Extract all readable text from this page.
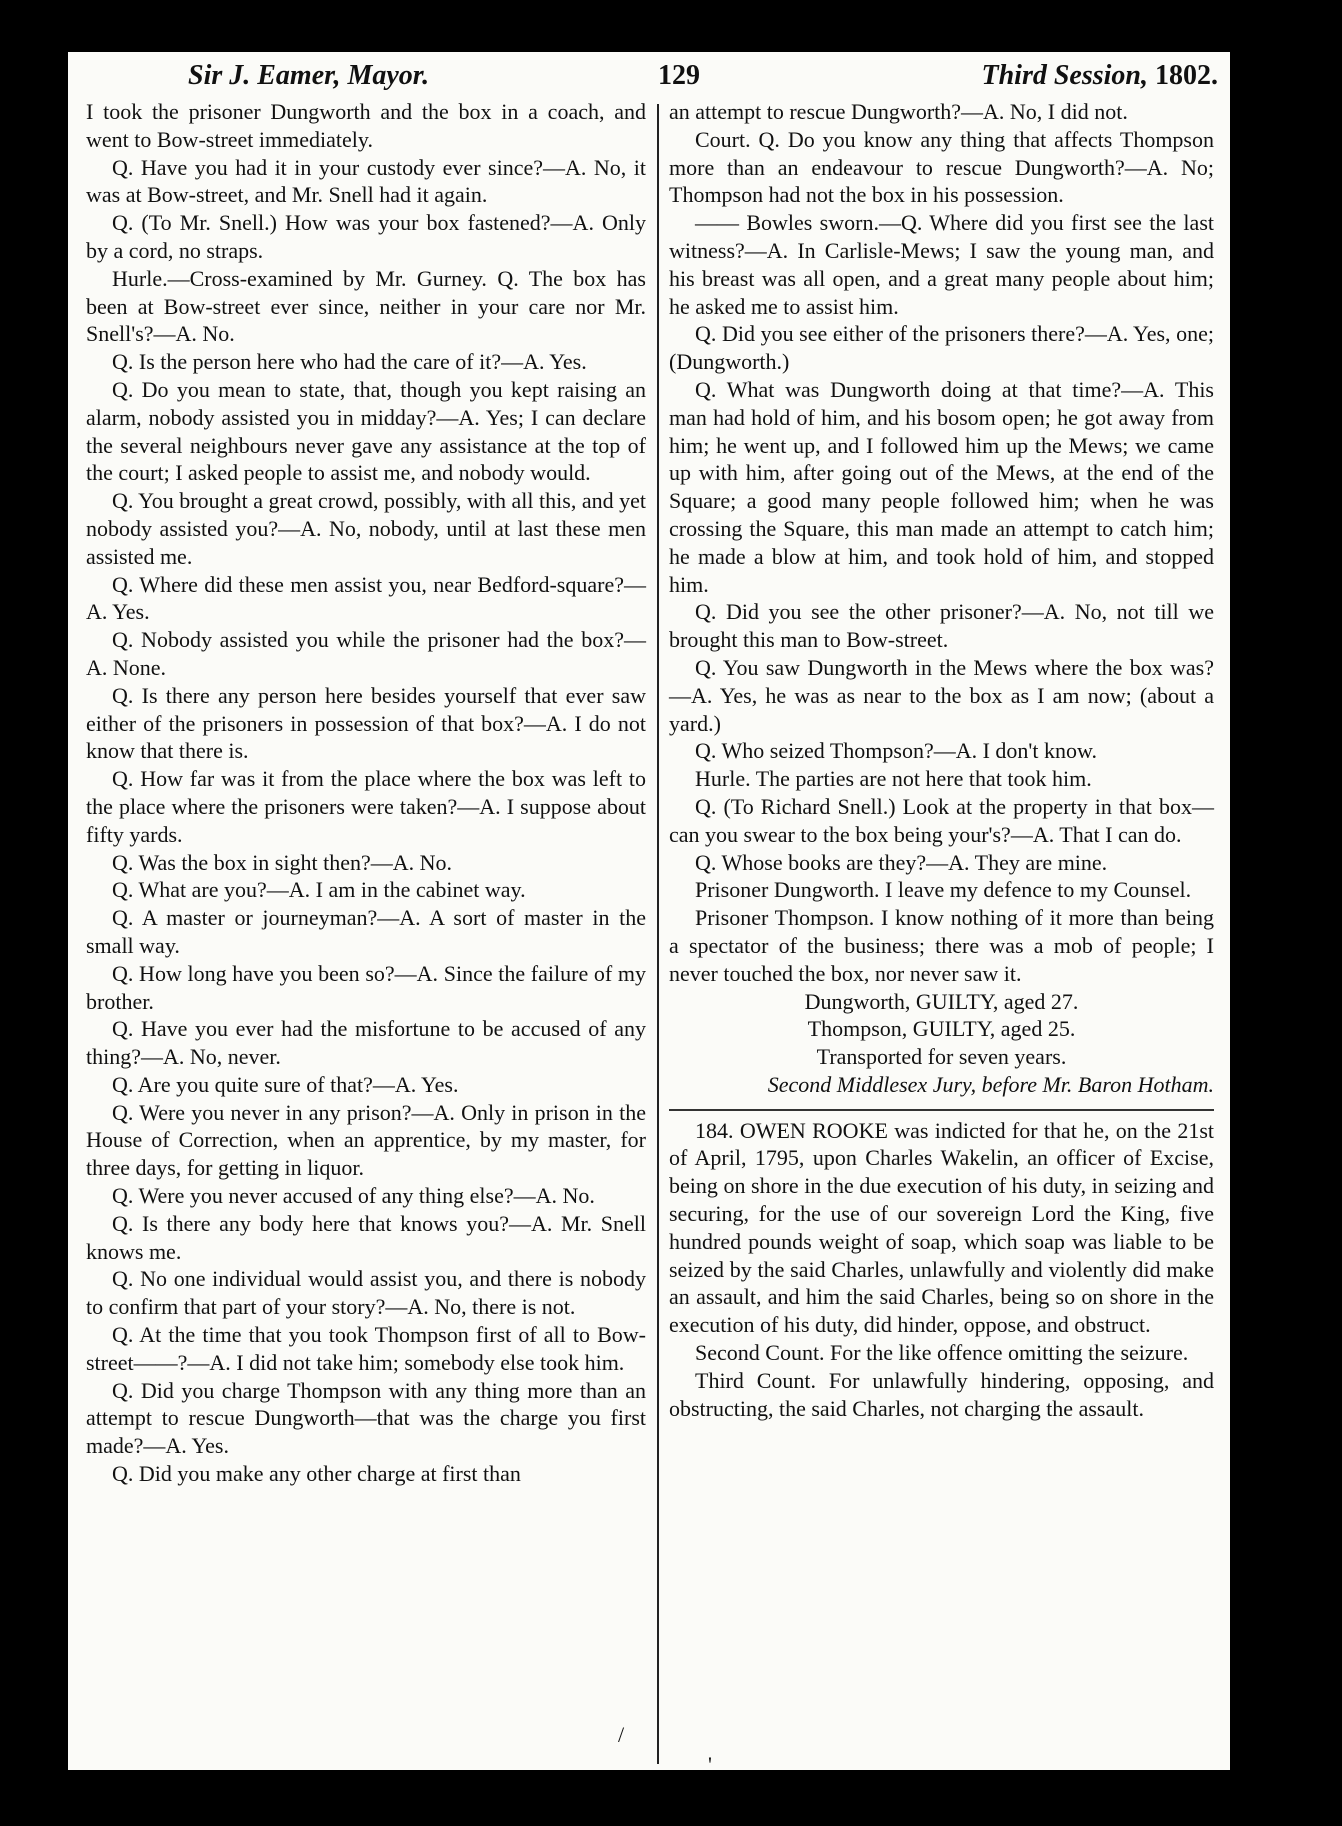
Sir J. Eamer, Mayor.	129	Third Session, 1802.

I took the prisoner Dungworth and the box in a coach, and went to Bow-street immediately.

Q. Have you had it in your custody ever since?—A. No, it was at Bow-street, and Mr. Snell had it again.

Q. (To Mr. Snell.) How was your box fastened?—A. Only by a cord, no straps.

Hurle.—Cross-examined by Mr. Gurney. Q. The box has been at Bow-street ever since, neither in your care nor Mr. Snell's?—A. No.

Q. Is the person here who had the care of it?—A. Yes.

Q. Do you mean to state, that, though you kept raising an alarm, nobody assisted you in midday?—A. Yes; I can declare the several neighbours never gave any assistance at the top of the court; I asked people to assist me, and nobody would.

Q. You brought a great crowd, possibly, with all this, and yet nobody assisted you?—A. No, nobody, until at last these men assisted me.

Q. Where did these men assist you, near Bedford-square?—A. Yes.

Q. Nobody assisted you while the prisoner had the box?—A. None.

Q. Is there any person here besides yourself that ever saw either of the prisoners in possession of that box?—A. I do not know that there is.

Q. How far was it from the place where the box was left to the place where the prisoners were taken?—A. I suppose about fifty yards.

Q. Was the box in sight then?—A. No.

Q. What are you?—A. I am in the cabinet way.

Q. A master or journeyman?—A. A sort of master in the small way.

Q. How long have you been so?—A. Since the failure of my brother.

Q. Have you ever had the misfortune to be accused of any thing?—A. No, never.

Q. Are you quite sure of that?—A. Yes.

Q. Were you never in any prison?—A. Only in prison in the House of Correction, when an apprentice, by my master, for three days, for getting in liquor.

Q. Were you never accused of any thing else?—A. No.

Q. Is there any body here that knows you?—A. Mr. Snell knows me.

Q. No one individual would assist you, and there is nobody to confirm that part of your story?—A. No, there is not.

Q. At the time that you took Thompson first of all to Bow-street——?—A. I did not take him; somebody else took him.

Q. Did you charge Thompson with any thing more than an attempt to rescue Dungworth—that was the charge you first made?—A. Yes.

Q. Did you make any other charge at first than

an attempt to rescue Dungworth?—A. No, I did not.

Court. Q. Do you know any thing that affects Thompson more than an endeavour to rescue Dungworth?—A. No; Thompson had not the box in his possession.

—— Bowles sworn.—Q. Where did you first see the last witness?—A. In Carlisle-Mews; I saw the young man, and his breast was all open, and a great many people about him; he asked me to assist him.

Q. Did you see either of the prisoners there?—A. Yes, one; (Dungworth.)

Q. What was Dungworth doing at that time?—A. This man had hold of him, and his bosom open; he got away from him; he went up, and I followed him up the Mews; we came up with him, after going out of the Mews, at the end of the Square; a good many people followed him; when he was crossing the Square, this man made an attempt to catch him; he made a blow at him, and took hold of him, and stopped him.

Q. Did you see the other prisoner?—A. No, not till we brought this man to Bow-street.

Q. You saw Dungworth in the Mews where the box was?—A. Yes, he was as near to the box as I am now; (about a yard.)

Q. Who seized Thompson?—A. I don't know.

Hurle. The parties are not here that took him.

Q. (To Richard Snell.) Look at the property in that box—can you swear to the box being your's?—A. That I can do.

Q. Whose books are they?—A. They are mine.

Prisoner Dungworth. I leave my defence to my Counsel.

Prisoner Thompson. I know nothing of it more than being a spectator of the business; there was a mob of people; I never touched the box, nor never saw it.

Dungworth, GUILTY, aged 27.

Thompson, GUILTY, aged 25.

Transported for seven years.

Second Middlesex Jury, before Mr. Baron Hotham.

184. OWEN ROOKE was indicted for that he, on the 21st of April, 1795, upon Charles Wakelin, an officer of Excise, being on shore in the due execution of his duty, in seizing and securing, for the use of our sovereign Lord the King, five hundred pounds weight of soap, which soap was liable to be seized by the said Charles, unlawfully and violently did make an assault, and him the said Charles, being so on shore in the execution of his duty, did hinder, oppose, and obstruct.

Second Count. For the like offence omitting the seizure.

Third Count. For unlawfully hindering, opposing, and obstructing, the said Charles, not charging the assault.

/
'
